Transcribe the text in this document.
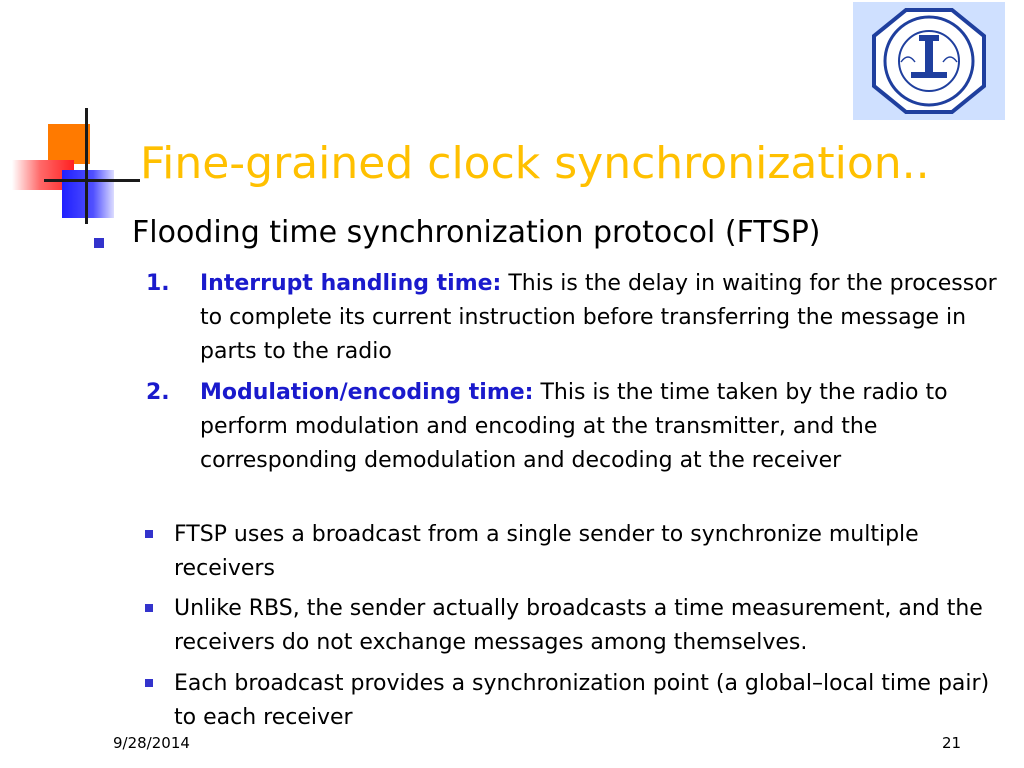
Fine-grained clock synchronization..
Flooding time synchronization protocol (FTSP)
1. Interrupt handling time: This is the delay in waiting for the processor to complete its current instruction before transferring the message in parts to the radio
2. Modulation/encoding time: This is the time taken by the radio to perform modulation and encoding at the transmitter, and the corresponding demodulation and decoding at the receiver
FTSP uses a broadcast from a single sender to synchronize multiple receivers
Unlike RBS, the sender actually broadcasts a time measurement, and the receivers do not exchange messages among themselves.
Each broadcast provides a synchronization point (a global–local time pair) to each receiver
9/28/2014	21
